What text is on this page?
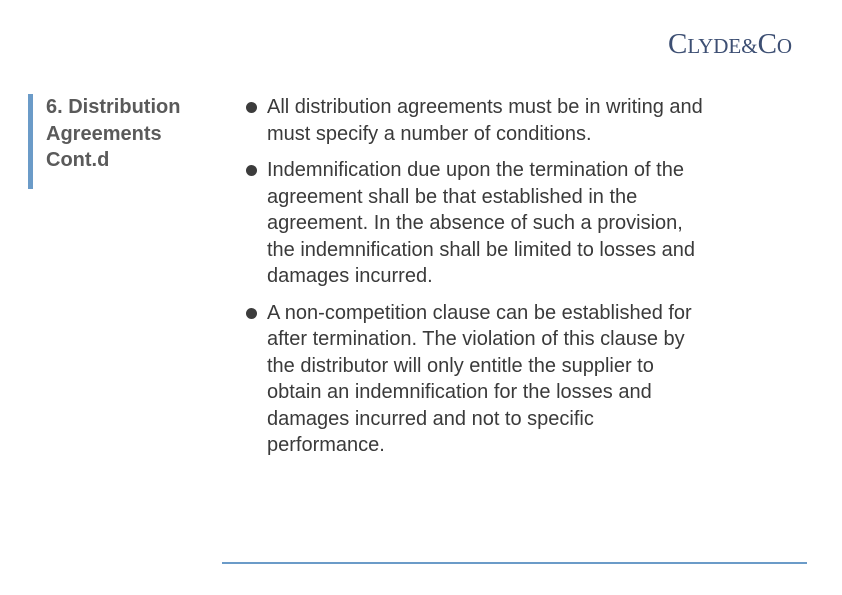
CLYDE&CO
6. Distribution Agreements Cont.d
All distribution agreements must be in writing and must specify a number of conditions.
Indemnification due upon the termination of the agreement shall be that established in the agreement. In the absence of such a provision, the indemnification shall be limited to losses and damages incurred.
A non-competition clause can be established for after termination. The violation of this clause by the distributor will only entitle the supplier to obtain an indemnification for the losses and damages incurred and not to specific performance.
